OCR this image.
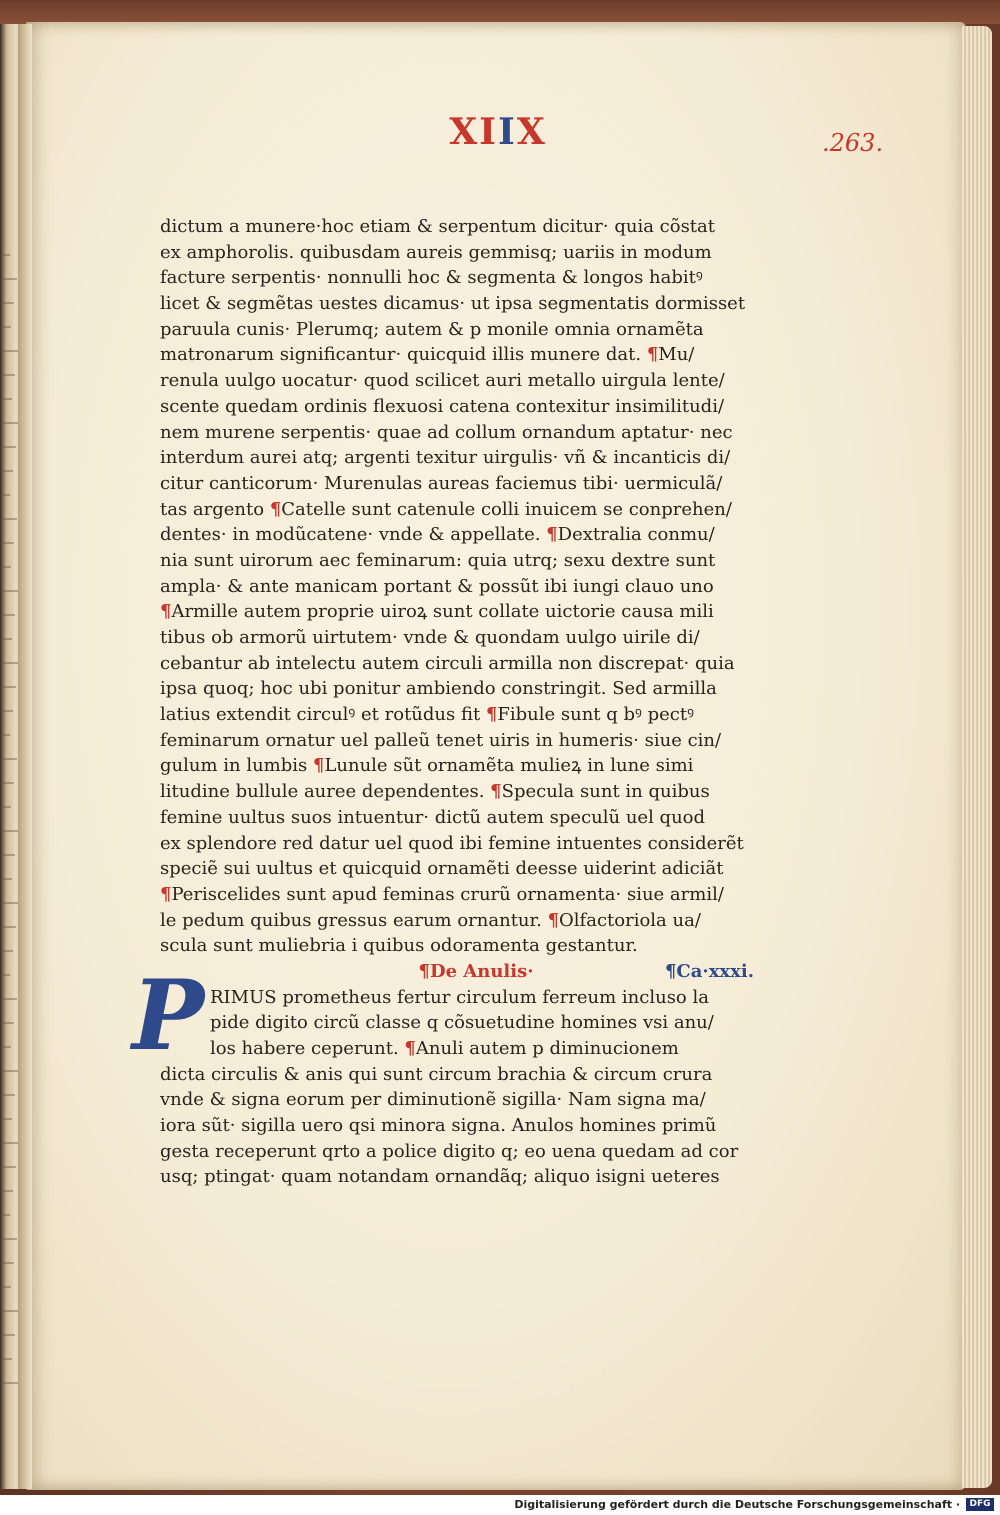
XIIX	.263.
dictum a munere·hoc etiam & serpentum dicitur· quia cõstat
ex amphorolis. quibusdam aureis gemmisq; uariis in modum
facture serpentis· nonnulli hoc & segmenta & longos habitꝰ
licet & segmẽtas uestes dicamus· ut ipsa segmentatis dormisset
paruula cunis· Plerumq; autem & p monile omnia ornamẽta
matronarum significantur· quicquid illis munere dat. ¶Mu/
renula uulgo uocatur· quod scilicet auri metallo uirgula lente/
scente quedam ordinis flexuosi catena contexitur insimilitudi/
nem murene serpentis· quae ad collum ornandum aptatur· nec
interdum aurei atq; argenti texitur uirgulis· vñ & incanticis di/
citur canticorum· Murenulas aureas faciemus tibi· uermiculã/
tas argento ¶Catelle sunt catenule colli inuicem se conprehen/
dentes· in modũcatene· vnde & appellate. ¶Dextralia conmu/
nia sunt uirorum aec feminarum: quia utrq; sexu dextre sunt
ampla· & ante manicam portant & possũt ibi iungi clauo uno
¶Armille autem proprie uiroꝝ sunt collate uictorie causa mili
tibus ob armorũ uirtutem· vnde & quondam uulgo uirile di/
cebantur ab intelectu autem circuli armilla non discrepat· quia
ipsa quoq; hoc ubi ponitur ambiendo constringit. Sed armilla
latius extendit circulꝰ et rotũdus fit ¶Fibule sunt q bꝰ pectꝰ
feminarum ornatur uel palleũ tenet uiris in humeris· siue cin/
gulum in lumbis ¶Lunule sũt ornamẽta mulieꝝ in lune simi
litudine bullule auree dependentes. ¶Specula sunt in quibus
femine uultus suos intuentur· dictũ autem speculũ uel quod
ex splendore red datur uel quod ibi femine intuentes considerẽt
speciẽ sui uultus et quicquid ornamẽti deesse uiderint adiciãt
¶Periscelides sunt apud feminas crurũ ornamenta· siue armil/
le pedum quibus gressus earum ornantur. ¶Olfactoriola ua/
scula sunt muliebria i quibus odoramenta gestantur.
¶De Anulis·	¶Ca·xxxi.
RIMUS prometheus fertur circulum ferreum incluso la
pide digito circũ classe q cõsuetudine homines vsi anu/
los habere ceperunt. ¶Anuli autem p diminucionem
dicta circulis & anis qui sunt circum brachia & circum crura
vnde & signa eorum per diminutionẽ sigilla· Nam signa ma/
iora sũt· sigilla uero qsi minora signa. Anulos homines primũ
gesta receperunt qrto a police digito q; eo uena quedam ad cor
usq; ptingat· quam notandam ornandãq; aliquo isigni ueteres
P
Digitalisierung gefördert durch die Deutsche Forschungsgemeinschaft ·	DFG
